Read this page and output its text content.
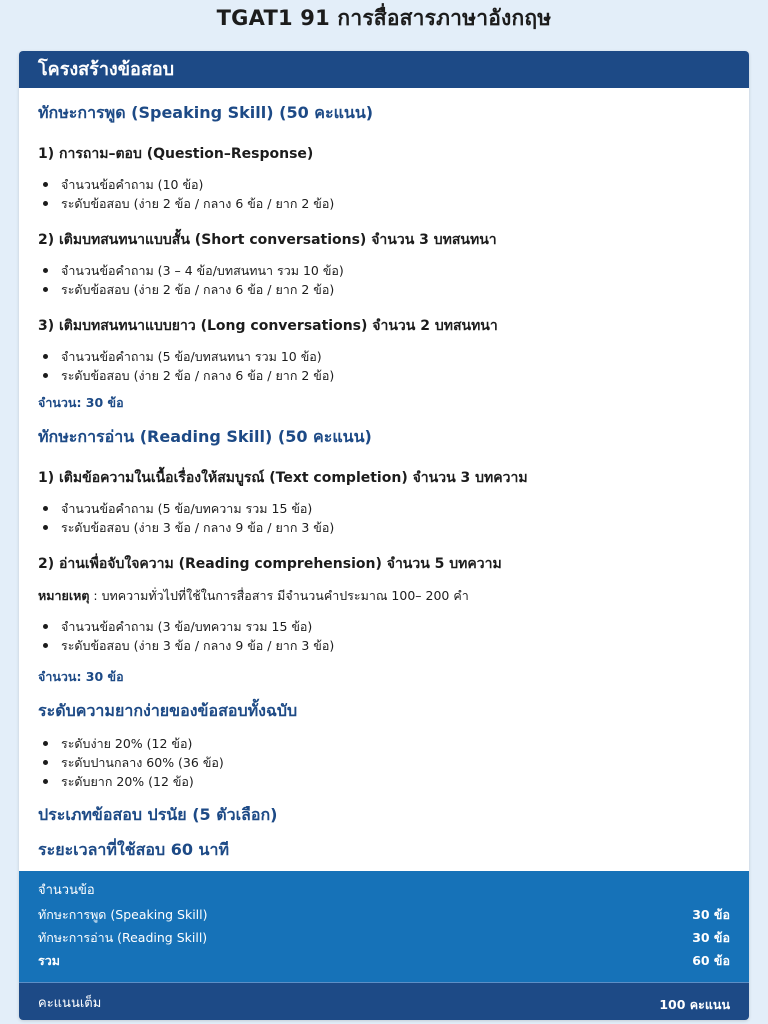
TGAT1 91 การสื่อสารภาษาอังกฤษ
โครงสร้างข้อสอบ

ทักษะการพูด (Speaking Skill) (50 คะแนน)

1) การถาม–ตอบ (Question–Response)

จำนวนข้อคำถาม (10 ข้อ)
ระดับข้อสอบ (ง่าย 2 ข้อ / กลาง 6 ข้อ / ยาก 2 ข้อ)

2) เติมบทสนทนาแบบสั้น (Short conversations) จำนวน 3 บทสนทนา

จำนวนข้อคำถาม (3 – 4 ข้อ/บทสนทนา รวม 10 ข้อ)
ระดับข้อสอบ (ง่าย 2 ข้อ / กลาง 6 ข้อ / ยาก 2 ข้อ)

3) เติมบทสนทนาแบบยาว (Long conversations) จำนวน 2 บทสนทนา

จำนวนข้อคำถาม (5 ข้อ/บทสนทนา รวม 10 ข้อ)
ระดับข้อสอบ (ง่าย 2 ข้อ / กลาง 6 ข้อ / ยาก 2 ข้อ)

จำนวน: 30 ข้อ

ทักษะการอ่าน (Reading Skill) (50 คะแนน)

1) เติมข้อความในเนื้อเรื่องให้สมบูรณ์ (Text completion) จำนวน 3 บทความ

จำนวนข้อคำถาม (5 ข้อ/บทความ รวม 15 ข้อ)
ระดับข้อสอบ (ง่าย 3 ข้อ / กลาง 9 ข้อ / ยาก 3 ข้อ)

2) อ่านเพื่อจับใจความ (Reading comprehension) จำนวน 5 บทความ

หมายเหตุ : บทความทั่วไปที่ใช้ในการสื่อสาร มีจำนวนคำประมาณ 100– 200 คำ

จำนวนข้อคำถาม (3 ข้อ/บทความ รวม 15 ข้อ)
ระดับข้อสอบ (ง่าย 3 ข้อ / กลาง 9 ข้อ / ยาก 3 ข้อ)

จำนวน: 30 ข้อ

ระดับความยากง่ายของข้อสอบทั้งฉบับ

ระดับง่าย 20% (12 ข้อ)
ระดับปานกลาง 60% (36 ข้อ)
ระดับยาก 20% (12 ข้อ)

ประเภทข้อสอบ ปรนัย (5 ตัวเลือก)

ระยะเวลาที่ใช้สอบ 60 นาที

จำนวนข้อ
ทักษะการพูด (Speaking Skill)	30 ข้อ
ทักษะการอ่าน (Reading Skill)	30 ข้อ
รวม	60 ข้อ
คะแนนเต็ม	100 คะแนน
